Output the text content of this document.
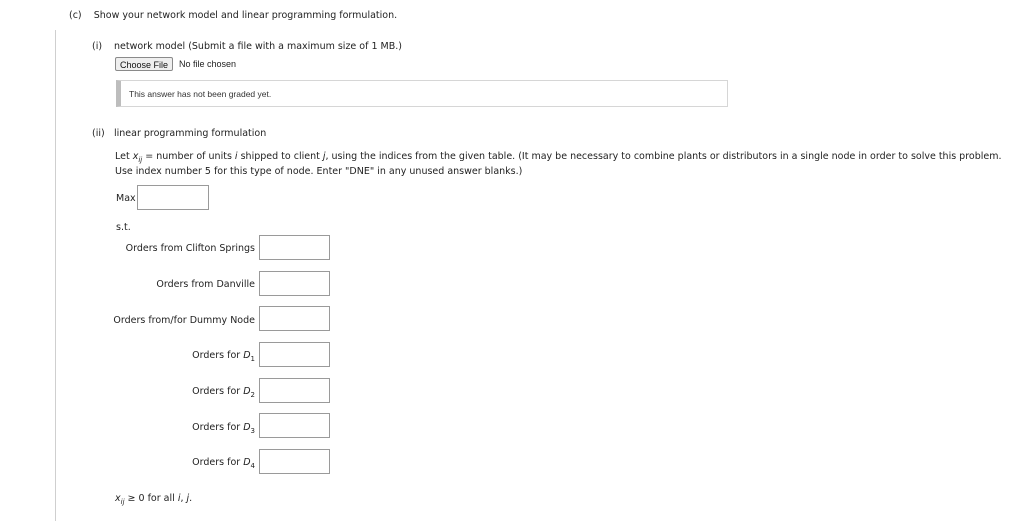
(c) Show your network model and linear programming formulation.
(i) network model (Submit a file with a maximum size of 1 MB.)
Choose File	No file chosen
This answer has not been graded yet.
(ii) linear programming formulation
Let $x_{ij}$ = number of units i shipped to client j, using the indices from the given table. (It may be necessary to combine plants or distributors in a single node in order to solve this problem.
Use index number 5 for this type of node. Enter "DNE" in any unused answer blanks.)
Max
s.t.
Orders from Clifton Springs
Orders from Danville
Orders from/for Dummy Node
Orders for $D_1$
Orders for $D_2$
Orders for $D_3$
Orders for $D_4$
$x_{ij} \ge 0$ for all i, j.
